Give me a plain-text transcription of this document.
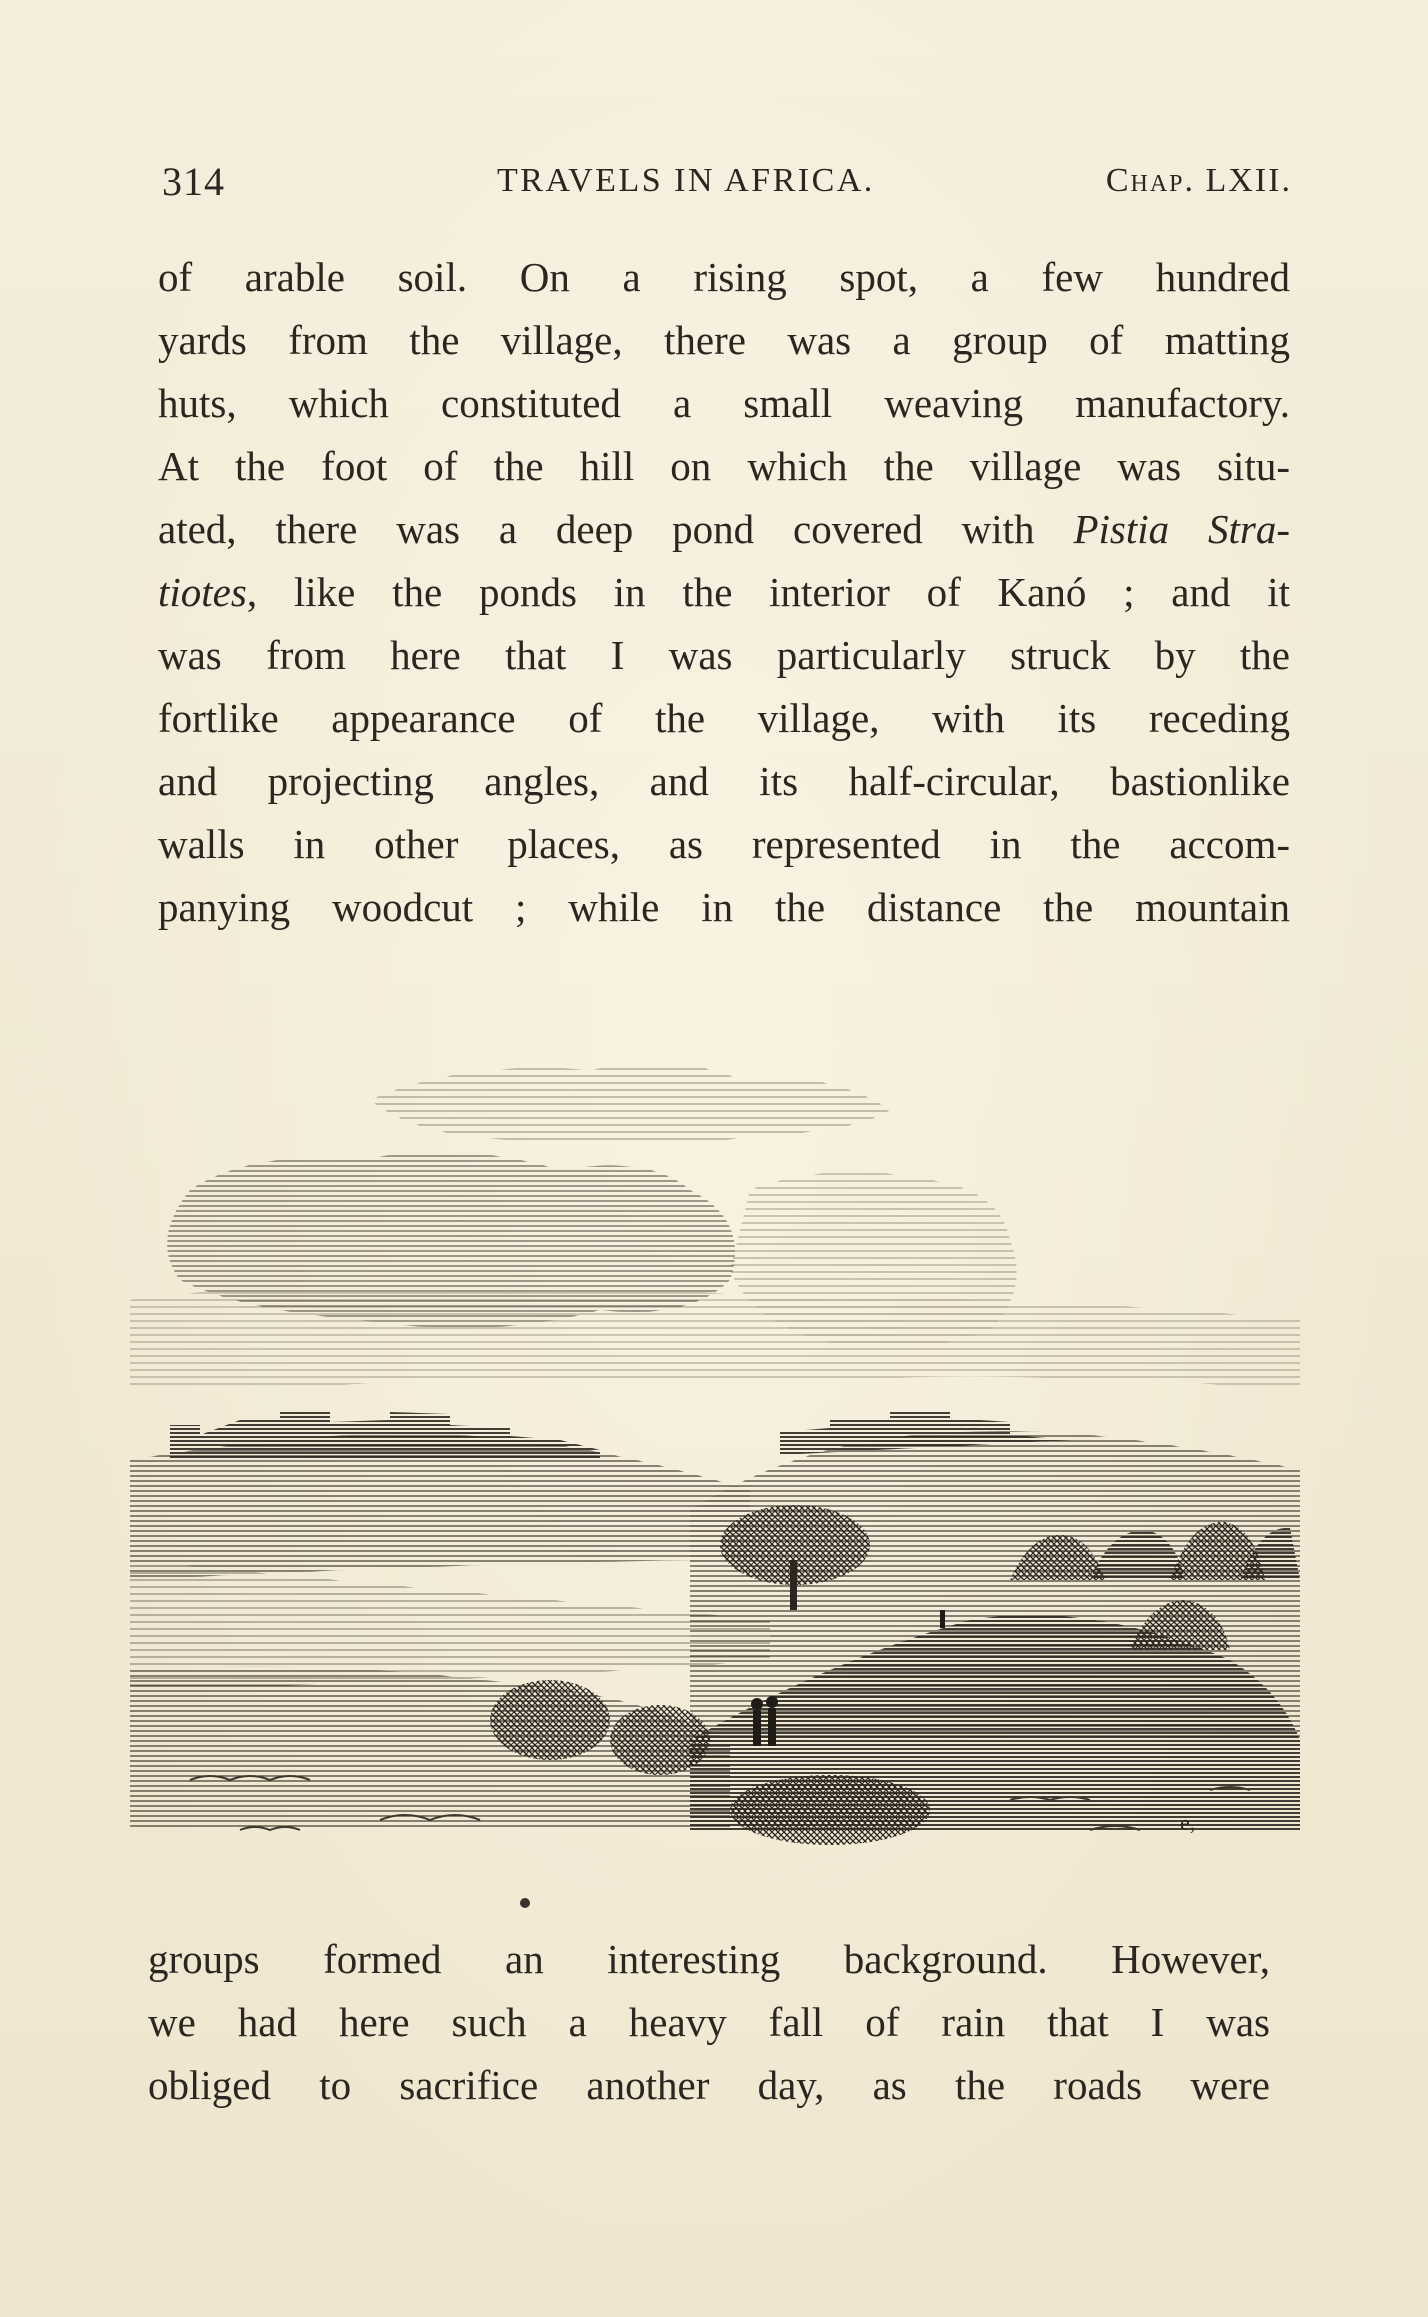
314	TRAVELS IN AFRICA.	Chap. LXII.
of arable soil. On a rising spot, a few hundred
yards from the village, there was a group of matting
huts, which constituted a small weaving manufactory.
At the foot of the hill on which the village was situ-
ated, there was a deep pond covered with Pistia Stra-
tiotes, like the ponds in the interior of Kanó ; and it
was from here that I was particularly struck by the
fortlike appearance of the village, with its receding
and projecting angles, and its half-circular, bastionlike
walls in other places, as represented in the accom-
panying woodcut ; while in the distance the mountain
e,
groups formed an interesting background. However,
we had here such a heavy fall of rain that I was
obliged to sacrifice another day, as the roads were
